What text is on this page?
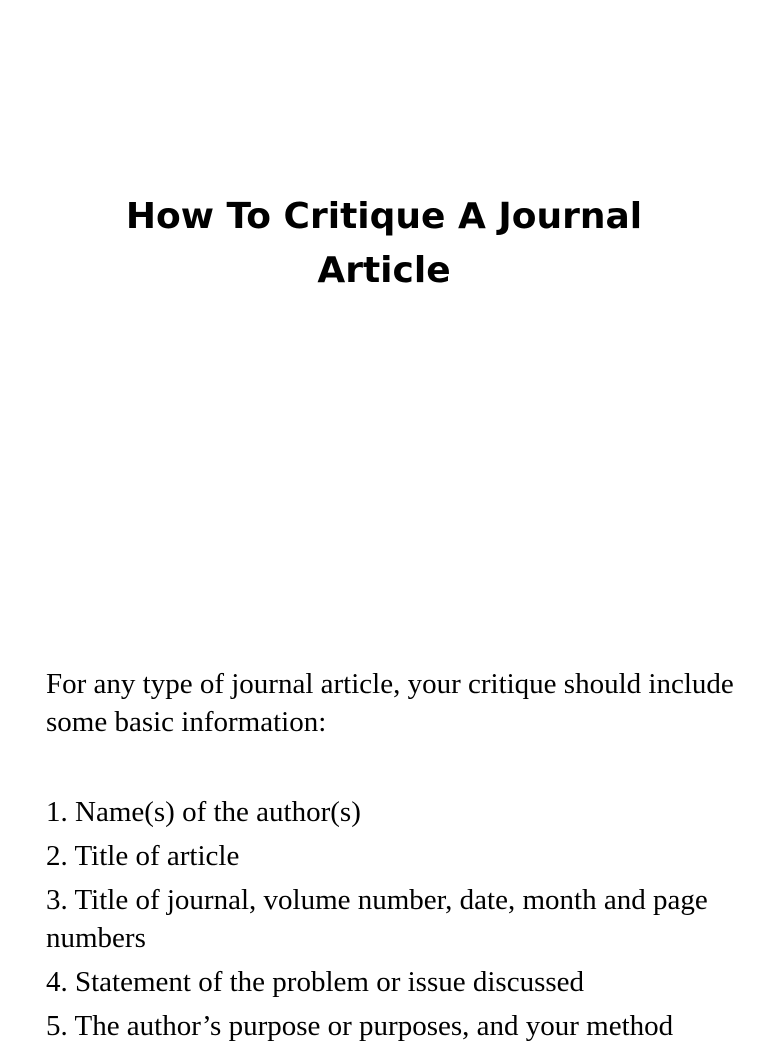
How To Critique A Journal Article

For any type of journal article, your critique should include some basic information:

1. Name(s) of the author(s)
2. Title of article
3. Title of journal, volume number, date, month and page numbers
4. Statement of the problem or issue discussed
5. The author’s purpose or purposes, and your method
